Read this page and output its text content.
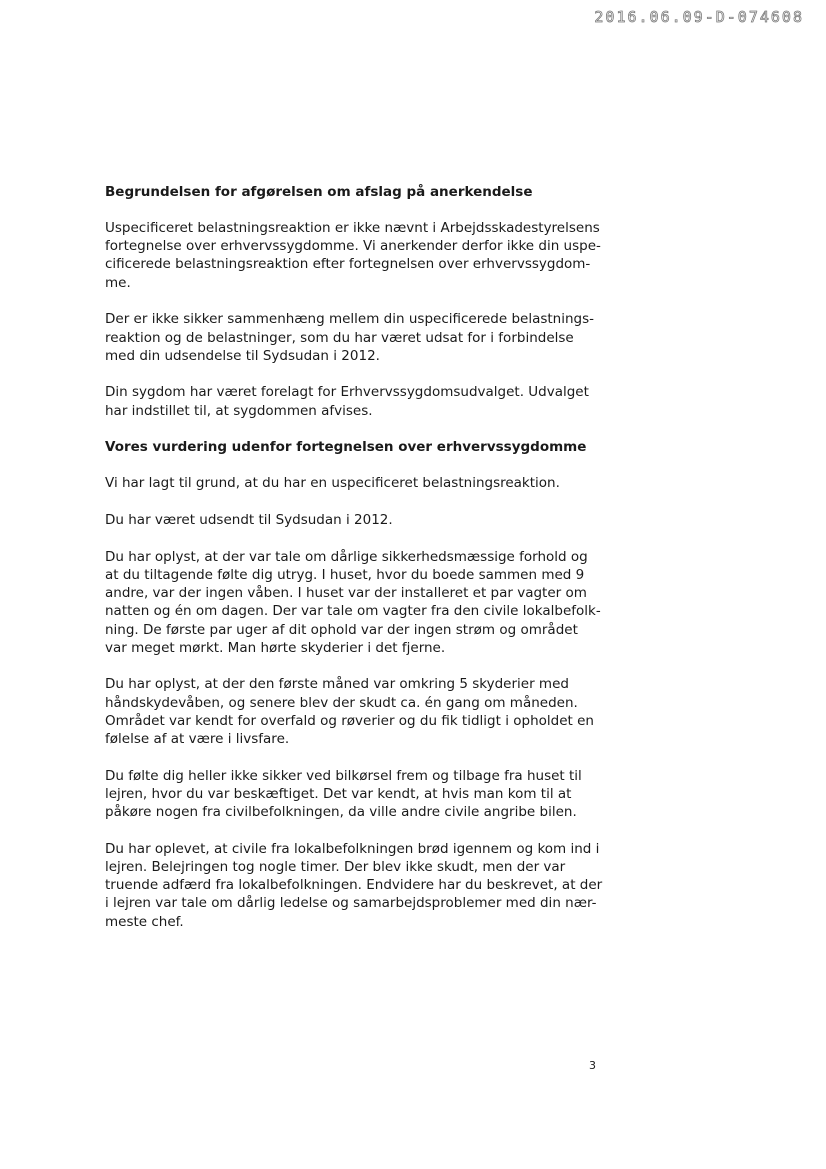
2016.06.09-D-074608
Begrundelsen for afgørelsen om afslag på anerkendelse

Uspecificeret belastningsreaktion er ikke nævnt i Arbejdsskadestyrelsens
fortegnelse over erhvervssygdomme. Vi anerkender derfor ikke din uspe-
cificerede belastningsreaktion efter fortegnelsen over erhvervssygdom-
me.

Der er ikke sikker sammenhæng mellem din uspecificerede belastnings-
reaktion og de belastninger, som du har været udsat for i forbindelse
med din udsendelse til Sydsudan i 2012.

Din sygdom har været forelagt for Erhvervssygdomsudvalget. Udvalget
har indstillet til, at sygdommen afvises.

Vores vurdering udenfor fortegnelsen over erhvervssygdomme

Vi har lagt til grund, at du har en uspecificeret belastningsreaktion.

Du har været udsendt til Sydsudan i 2012.

Du har oplyst, at der var tale om dårlige sikkerhedsmæssige forhold og
at du tiltagende følte dig utryg. I huset, hvor du boede sammen med 9
andre, var der ingen våben. I huset var der installeret et par vagter om
natten og én om dagen. Der var tale om vagter fra den civile lokalbefolk-
ning. De første par uger af dit ophold var der ingen strøm og området
var meget mørkt. Man hørte skyderier i det fjerne.

Du har oplyst, at der den første måned var omkring 5 skyderier med
håndskydevåben, og senere blev der skudt ca. én gang om måneden.
Området var kendt for overfald og røverier og du fik tidligt i opholdet en
følelse af at være i livsfare.

Du følte dig heller ikke sikker ved bilkørsel frem og tilbage fra huset til
lejren, hvor du var beskæftiget. Det var kendt, at hvis man kom til at
påkøre nogen fra civilbefolkningen, da ville andre civile angribe bilen.

Du har oplevet, at civile fra lokalbefolkningen brød igennem og kom ind i
lejren. Belejringen tog nogle timer. Der blev ikke skudt, men der var
truende adfærd fra lokalbefolkningen. Endvidere har du beskrevet, at der
i lejren var tale om dårlig ledelse og samarbejdsproblemer med din nær-
meste chef.

3
